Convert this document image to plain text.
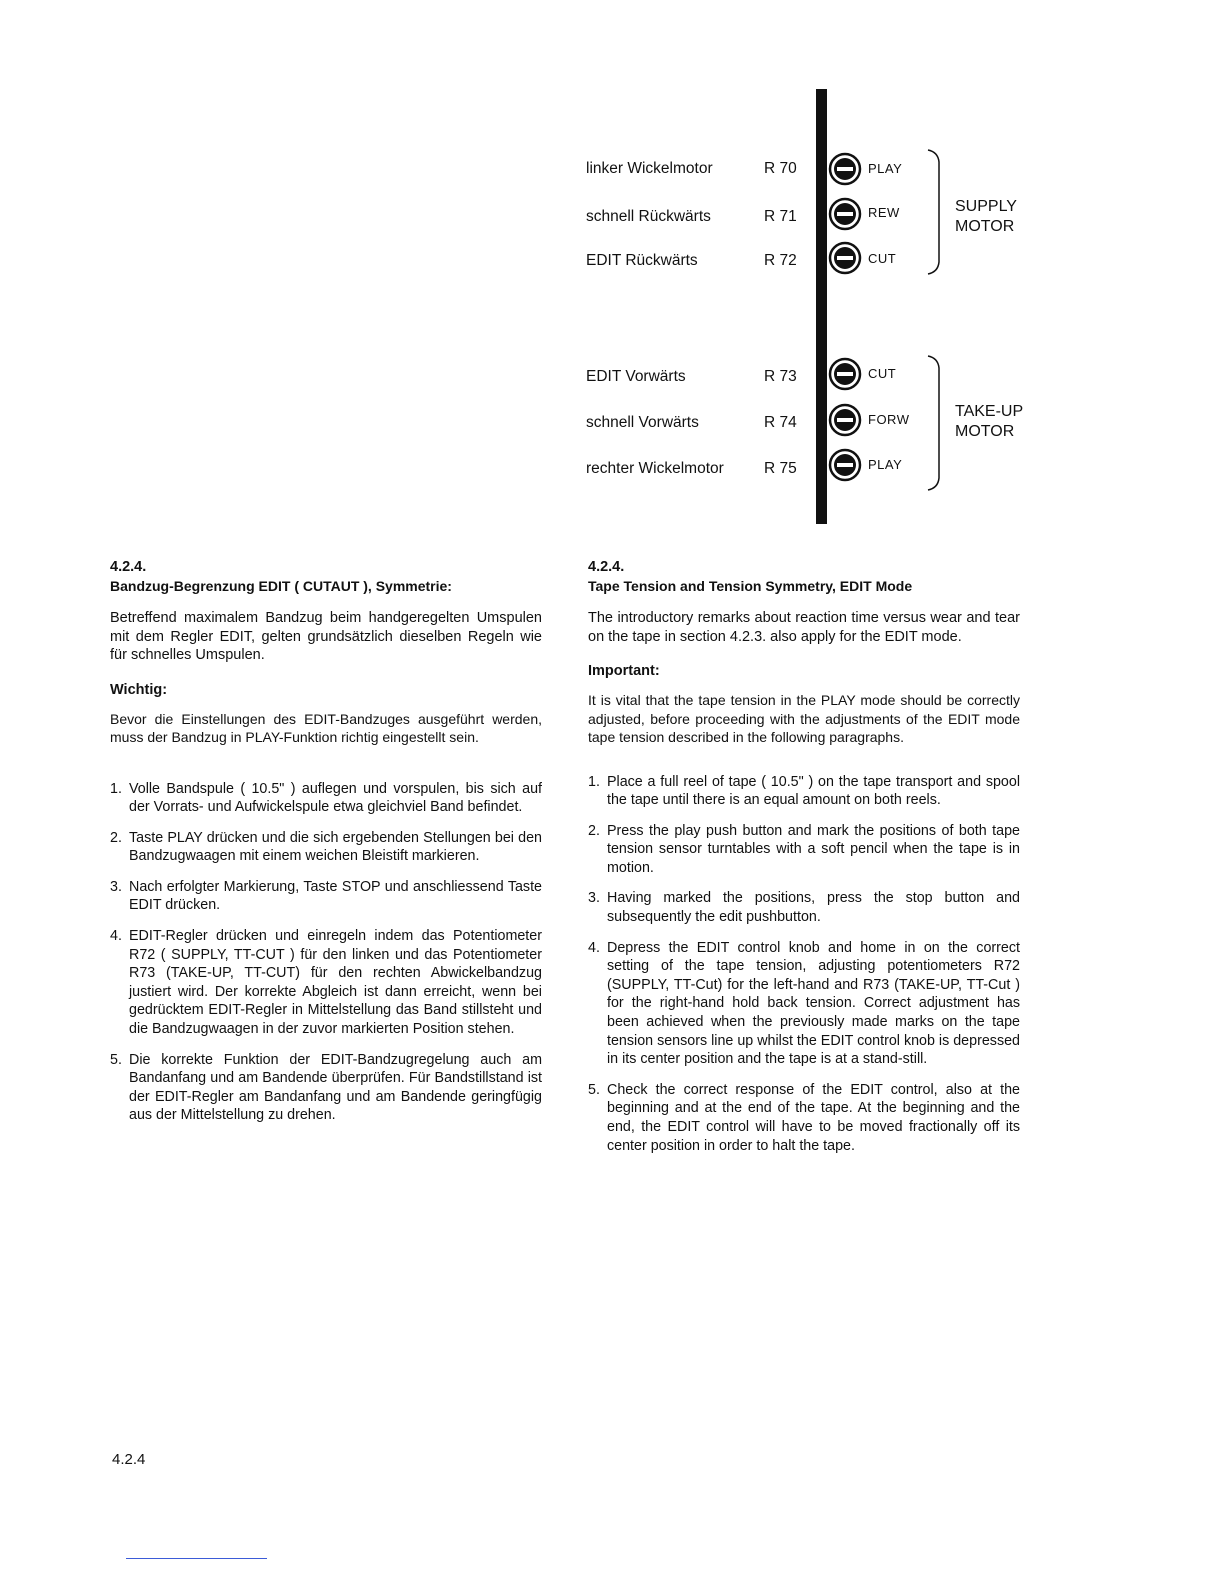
linker Wickelmotor	R 70	PLAY
schnell Rückwärts	R 71	REW
EDIT Rückwärts	R 72	CUT
SUPPLY
MOTOR
EDIT Vorwärts	R 73	CUT
schnell Vorwärts	R 74	FORW
rechter Wickelmotor	R 75	PLAY
TAKE-UP
MOTOR
4.2.4.
Bandzug-Begrenzung EDIT ( CUTAUT ), Symmetrie:

Betreffend maximalem Bandzug beim handgeregelten Umspulen mit dem Regler EDIT, gelten grundsätzlich dieselben Regeln wie für schnelles Umspulen.

Wichtig:

Bevor die Einstellungen des EDIT-Bandzuges ausgeführt werden, muss der Bandzug in PLAY-Funktion richtig eingestellt sein.

1. Volle Bandspule ( 10.5" ) auflegen und vorspulen, bis sich auf der Vorrats- und Aufwickelspule etwa gleichviel Band befindet.
2. Taste PLAY drücken und die sich ergebenden Stellungen bei den Bandzugwaagen mit einem weichen Bleistift markieren.
3. Nach erfolgter Markierung, Taste STOP und anschliessend Taste EDIT drücken.
4. EDIT-Regler drücken und einregeln indem das Potentiometer R72 ( SUPPLY, TT-CUT ) für den linken und das Potentiometer R73 (TAKE-UP, TT-CUT) für den rechten Abwickelbandzug justiert wird. Der korrekte Abgleich ist dann erreicht, wenn bei gedrücktem EDIT-Regler in Mittelstellung das Band stillsteht und die Bandzugwaagen in der zuvor markierten Position stehen.
5. Die korrekte Funktion der EDIT-Bandzugregelung auch am Bandanfang und am Bandende überprüfen. Für Bandstillstand ist der EDIT-Regler am Bandanfang und am Bandende geringfügig aus der Mittelstellung zu drehen.
4.2.4.
Tape Tension and Tension Symmetry, EDIT Mode

The introductory remarks about reaction time versus wear and tear on the tape in section 4.2.3. also apply for the EDIT mode.

Important:

It is vital that the tape tension in the PLAY mode should be correctly adjusted, before proceeding with the adjustments of the EDIT mode tape tension described in the following paragraphs.

1. Place a full reel of tape ( 10.5" ) on the tape transport and spool the tape until there is an equal amount on both reels.
2. Press the play push button and mark the positions of both tape tension sensor turntables with a soft pencil when the tape is in motion.
3. Having marked the positions, press the stop button and subsequently the edit pushbutton.
4. Depress the EDIT control knob and home in on the correct setting of the tape tension, adjusting potentiometers R72 (SUPPLY, TT-Cut) for the left-hand and R73 (TAKE-UP, TT-Cut ) for the right-hand hold back tension. Correct adjustment has been achieved when the previously made marks on the tape tension sensors line up whilst the EDIT control knob is depressed in its center position and the tape is at a stand-still.
5. Check the correct response of the EDIT control, also at the beginning and at the end of the tape. At the beginning and the end, the EDIT control will have to be moved fractionally off its center position in order to halt the tape.
4.2.4
